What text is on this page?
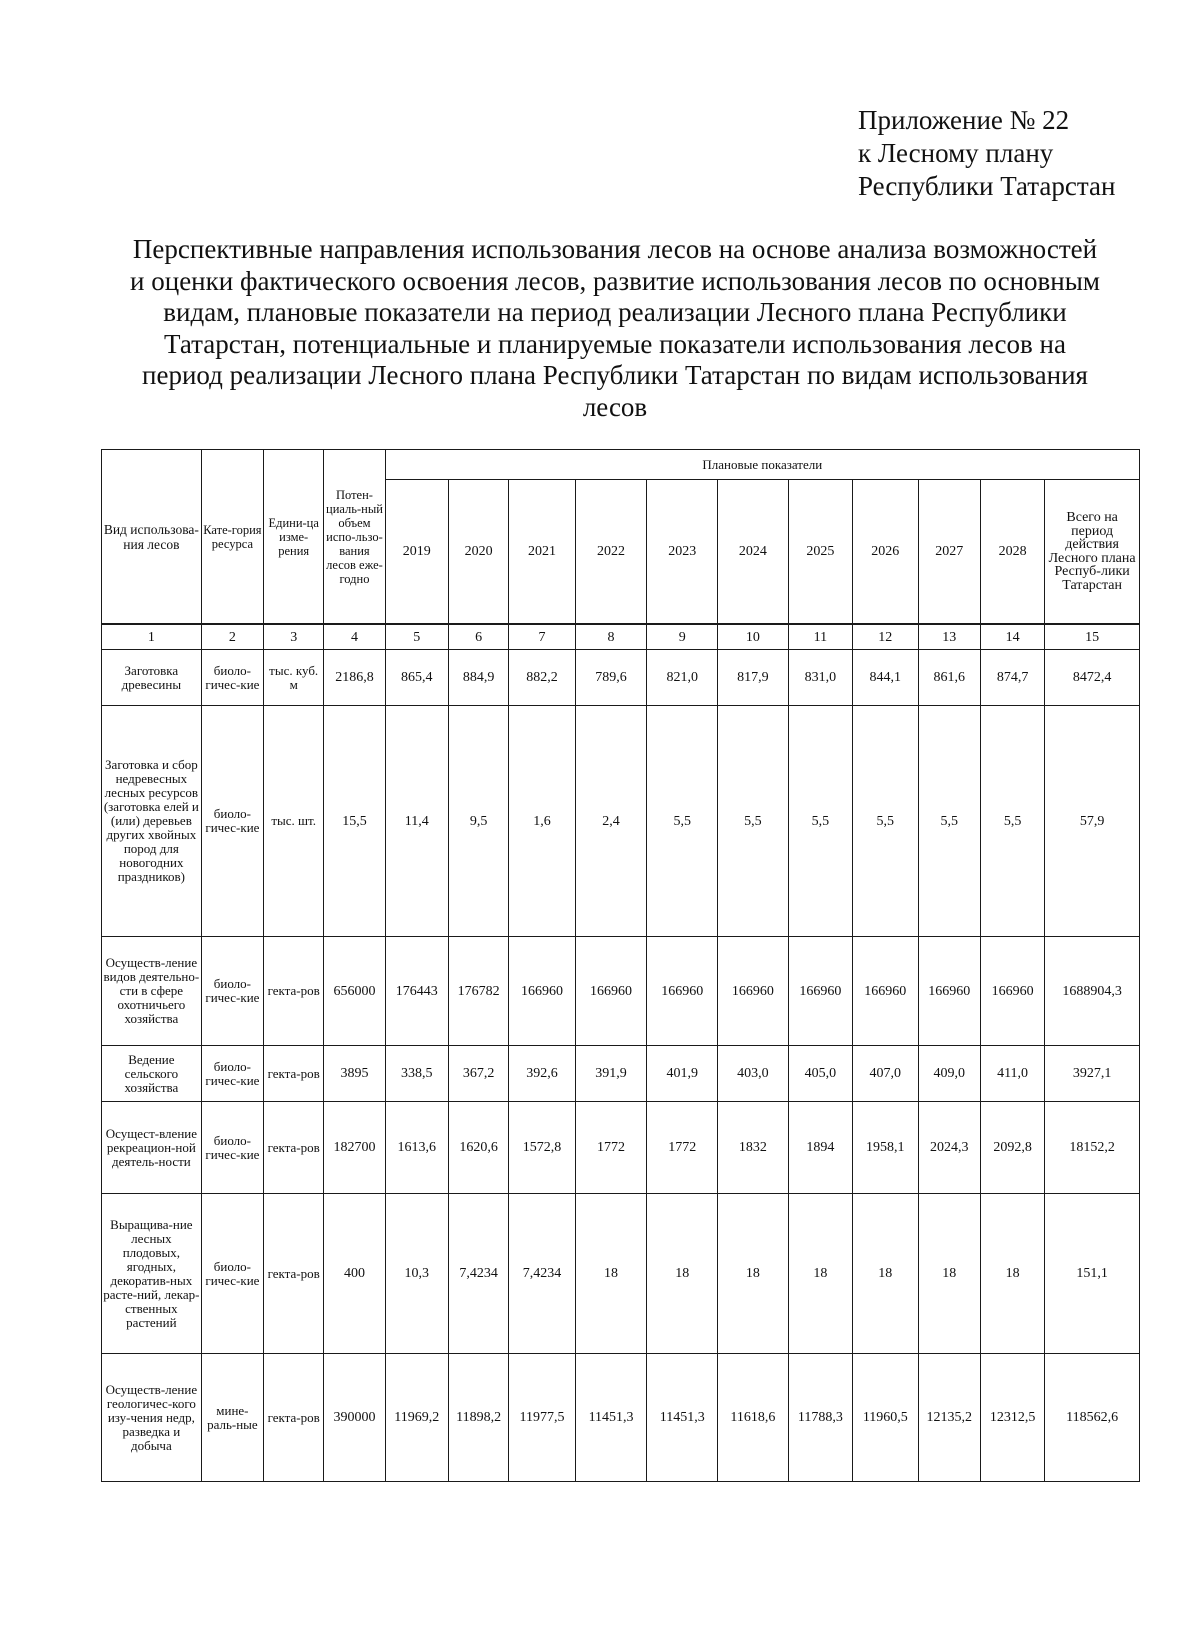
Приложение № 22
к Лесному плану
Республики Татарстан
Перспективные направления использования лесов на основе анализа возможностей
и оценки фактического освоения лесов, развитие использования лесов по основным
видам, плановые показатели на период реализации Лесного плана Республики
Татарстан, потенциальные и планируемые показатели использования лесов на
период реализации Лесного плана Республики Татарстан по видам использования
лесов
Вид использова-ния лесов	Кате-гория ресурса	Едини-ца изме-рения	Потен-циаль-ный объем испо-льзо-вания лесов еже-годно	Плановые показатели										
				2019	2020	2021	2022	2023	2024	2025	2026	2027	2028	Всего на период действия Лесного плана Респуб-лики Татарстан
1	2	3	4	5	6	7	8	9	10	11	12	13	14	15
Заготовка древесины	биоло-гичес-кие	тыс. куб. м	2186,8	865,4	884,9	882,2	789,6	821,0	817,9	831,0	844,1	861,6	874,7	8472,4
Заготовка и сбор недревесных лесных ресурсов (заготовка елей и (или) деревьев других хвойных пород для новогодних праздников)	биоло-гичес-кие	тыс. шт.	15,5	11,4	9,5	1,6	2,4	5,5	5,5	5,5	5,5	5,5	5,5	57,9
Осуществ-ление видов деятельно-сти в сфере охотничьего хозяйства	биоло-гичес-кие	гекта-ров	656000	176443	176782	166960	166960	166960	166960	166960	166960	166960	166960	1688904,3
Ведение сельского хозяйства	биоло-гичес-кие	гекта-ров	3895	338,5	367,2	392,6	391,9	401,9	403,0	405,0	407,0	409,0	411,0	3927,1
Осущест-вление рекреацион-ной деятель-ности	биоло-гичес-кие	гекта-ров	182700	1613,6	1620,6	1572,8	1772	1772	1832	1894	1958,1	2024,3	2092,8	18152,2
Выращива-ние лесных плодовых, ягодных, декоратив-ных расте-ний, лекар-ственных растений	биоло-гичес-кие	гекта-ров	400	10,3	7,4234	7,4234	18	18	18	18	18	18	18	151,1
Осуществ-ление геологичес-кого изу-чения недр, разведка и добыча	мине-раль-ные	гекта-ров	390000	11969,2	11898,2	11977,5	11451,3	11451,3	11618,6	11788,3	11960,5	12135,2	12312,5	118562,6
